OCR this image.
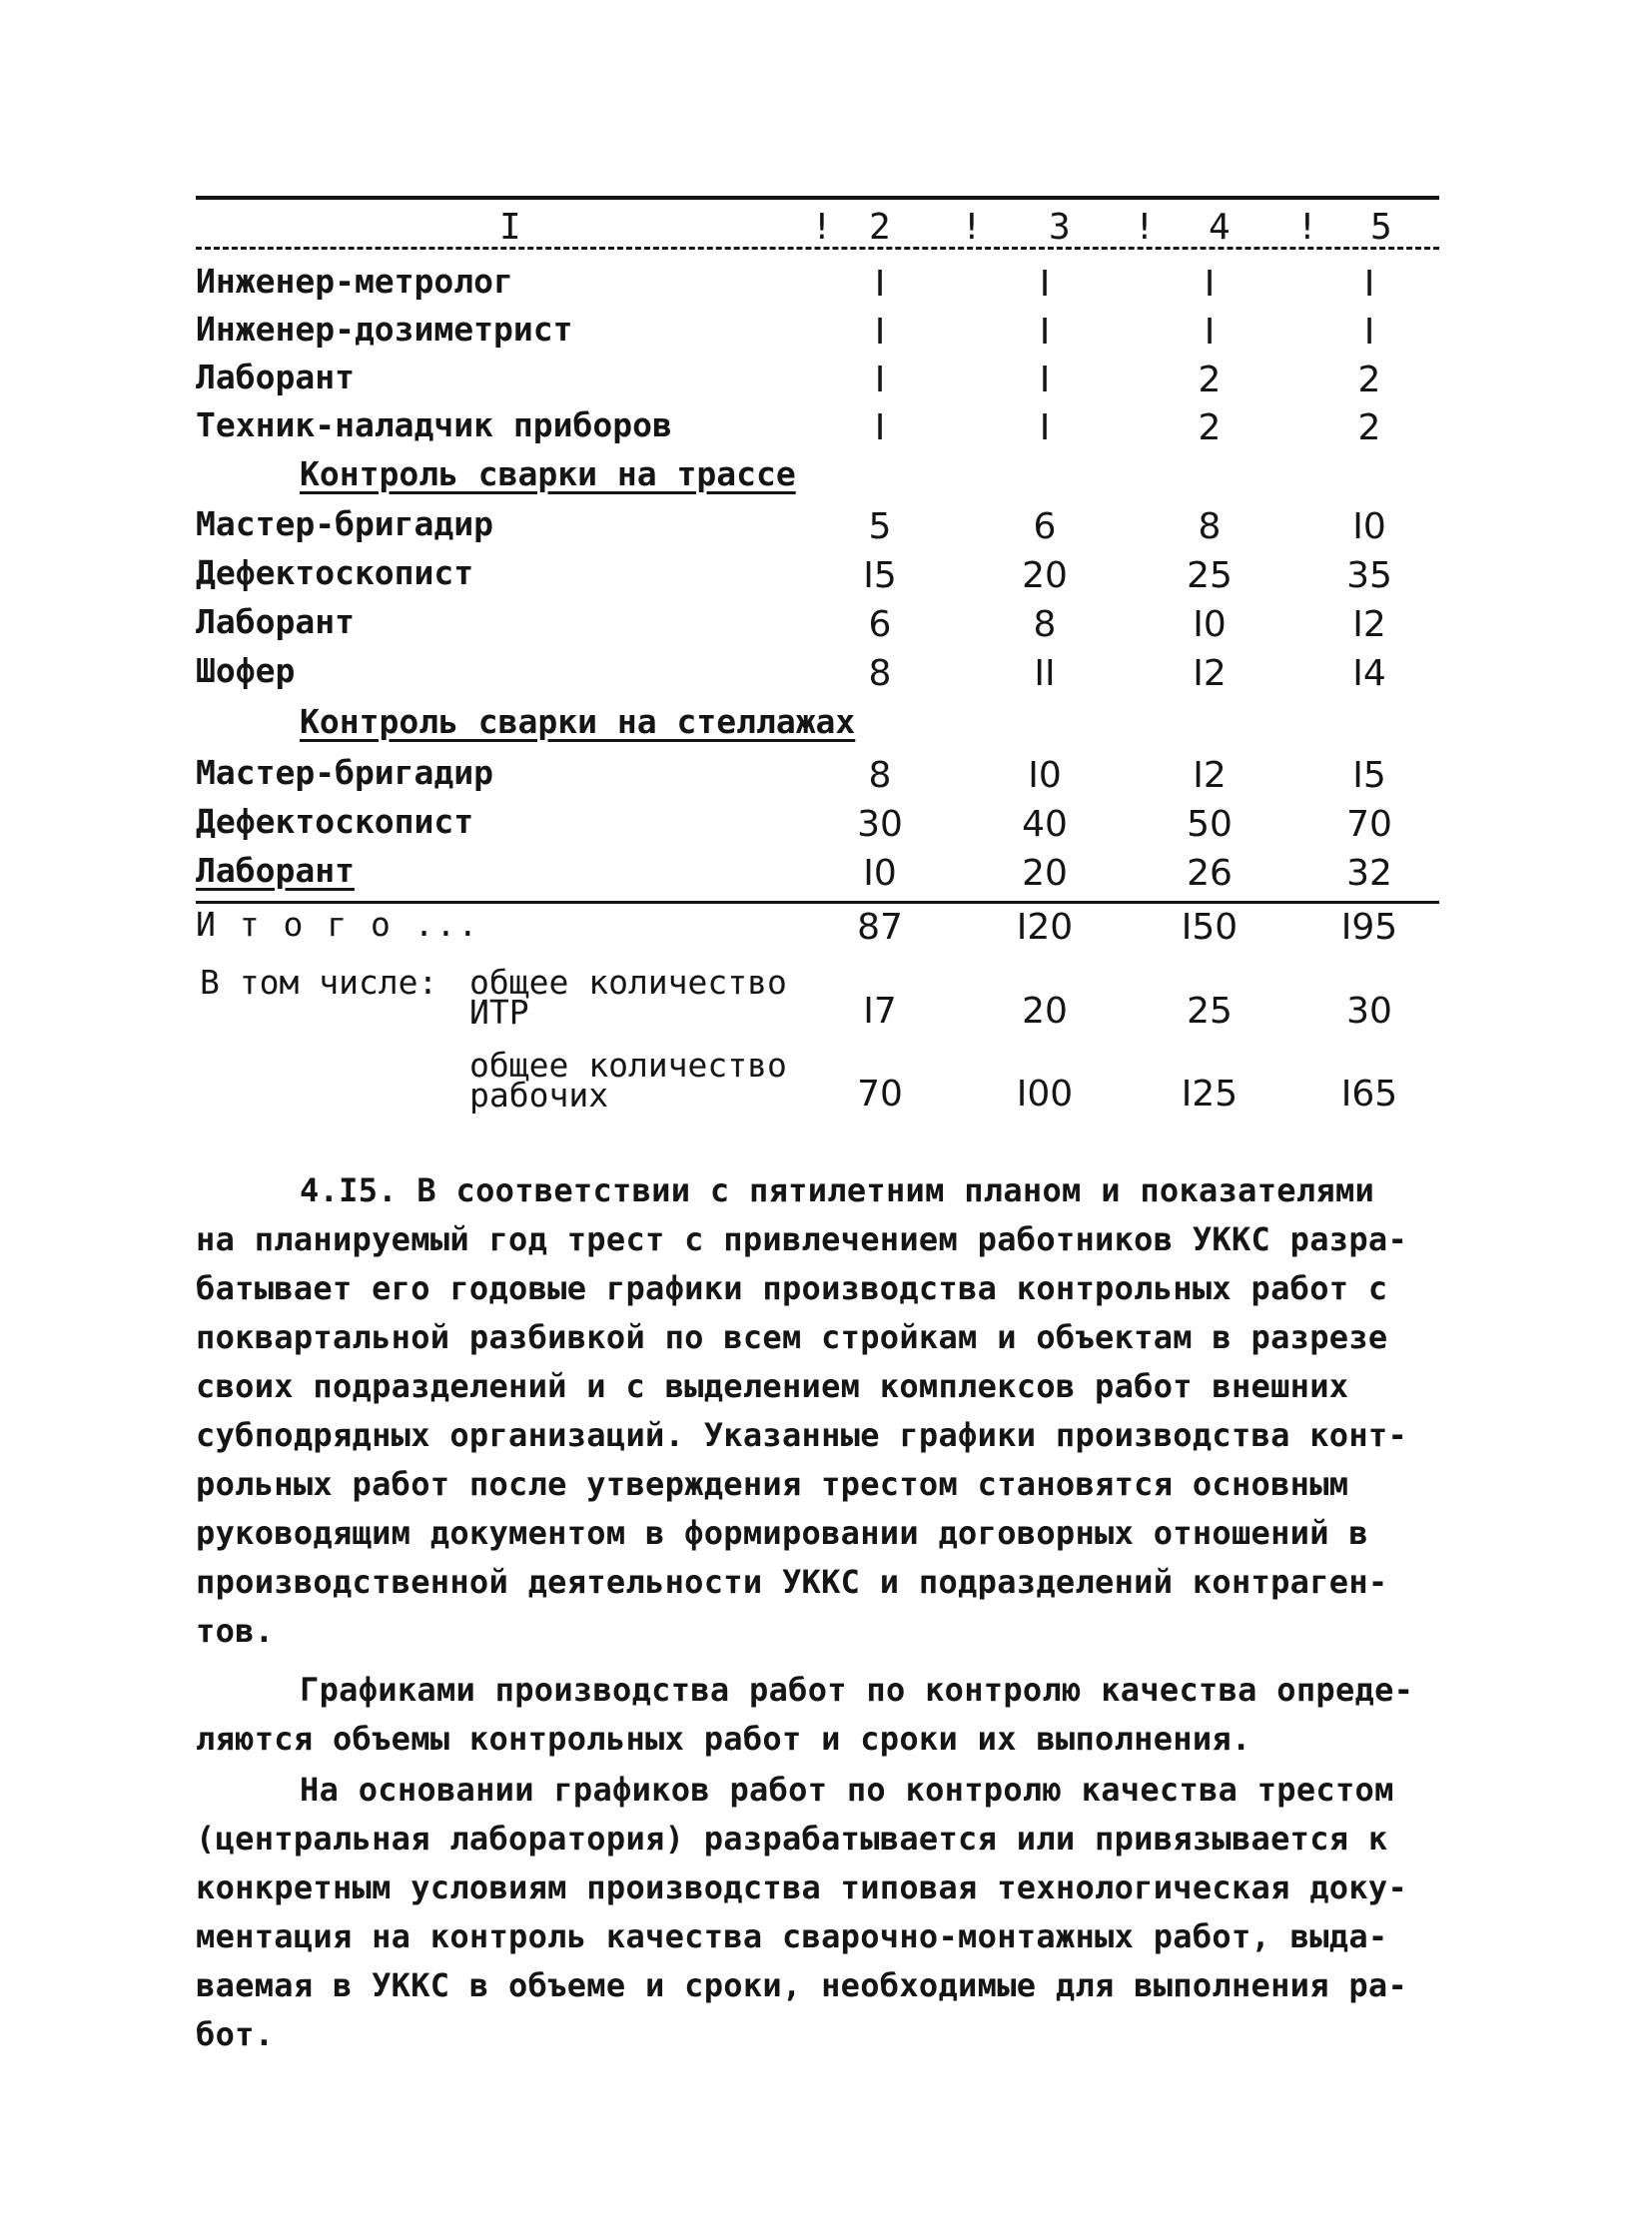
I	! 2 ! 3 ! 4 ! 5
Инженер-метролог	I	I	I	I
Инженер-дозиметрист	I	I	I	I
Лаборант	I	I	2	2
Техник-наладчик приборов	I	I	2	2
Контроль сварки на трассе
Мастер-бригадир	5	6	8	I0
Дефектоскопист	I5	20	25	35
Лаборант	6	8	I0	I2
Шофер	8	II	I2	I4
Контроль сварки на стеллажах
Мастер-бригадир	8	I0	I2	I5
Дефектоскопист	30	40	50	70
Лаборант	I0	20	26	32
И т о г о ...	87	I20	I50	I95
В том числе: общее количество
ИТР	I7	20	25	30
общее количество
рабочих	70	I00	I25	I65
4.I5. В соответствии с пятилетним планом и показателями
на планируемый год трест с привлечением работников УККС разра-
батывает его годовые графики производства контрольных работ с
поквартальной разбивкой по всем стройкам и объектам в разрезе
своих подразделений и с выделением комплексов работ внешних
субподрядных организаций. Указанные графики производства конт-
рольных работ после утверждения трестом становятся основным
руководящим документом в формировании договорных отношений в
производственной деятельности УККС и подразделений контраген-
тов.
Графиками производства работ по контролю качества опреде-
ляются объемы контрольных работ и сроки их выполнения.
На основании графиков работ по контролю качества трестом
(центральная лаборатория) разрабатывается или привязывается к
конкретным условиям производства типовая технологическая доку-
ментация на контроль качества сварочно-монтажных работ, выда-
ваемая в УККС в объеме и сроки, необходимые для выполнения ра-
бот.
